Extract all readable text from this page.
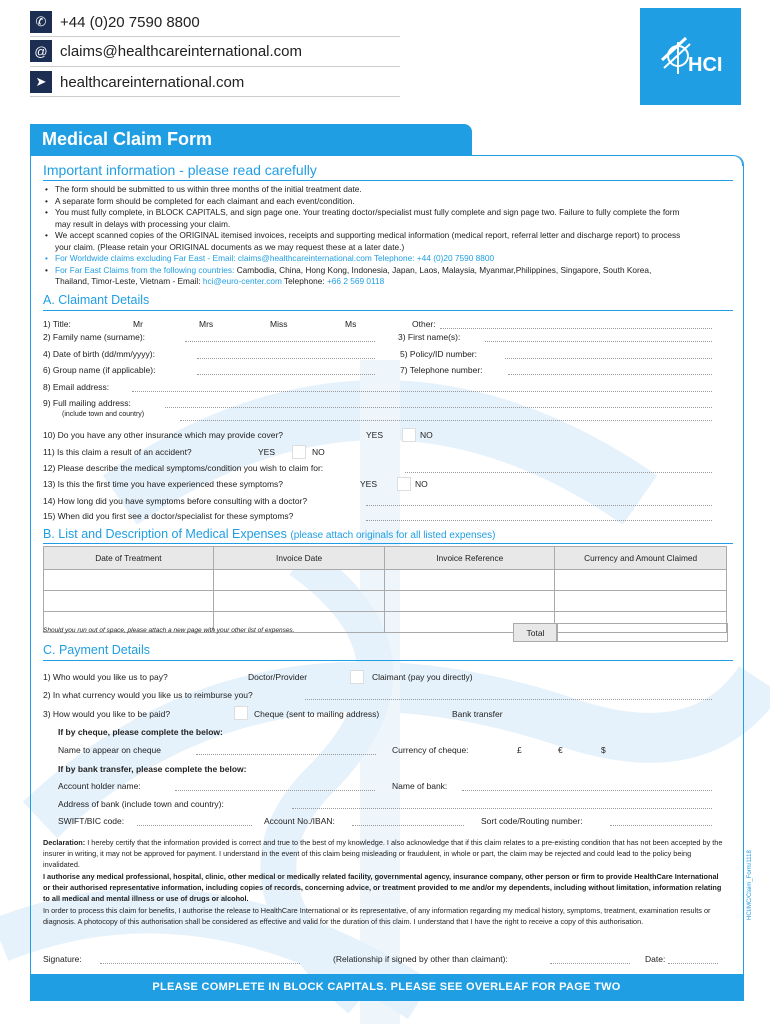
✆ +44 (0)20 7590 8800
@ claims@healthcareinternational.com
➤ healthcareinternational.com
HCI
Medical Claim Form
Important information - please read carefully
• The form should be submitted to us within three months of the initial treatment date.
• A separate form should be completed for each claimant and each event/condition.
• You must fully complete, in BLOCK CAPITALS, and sign page one. Your treating doctor/specialist must fully complete and sign page two. Failure to fully complete the form may result in delays with processing your claim.
• We accept scanned copies of the ORIGINAL itemised invoices, receipts and supporting medical information (medical report, referral letter and discharge report) to process your claim. (Please retain your ORIGINAL documents as we may request these at a later date.)
• For Worldwide claims excluding Far East - Email: claims@healthcareinternational.com Telephone: +44 (0)20 7590 8800
• For Far East Claims from the following countries: Cambodia, China, Hong Kong, Indonesia, Japan, Laos, Malaysia, Myanmar,Philippines, Singapore, South Korea, Thailand, Timor-Leste, Vietnam - Email: hci@euro-center.com Telephone: +66 2 569 0118
A. Claimant Details
1) Title:	Mr	Mrs	Miss	Ms	Other:
2) Family name (surname):	3) First name(s):
4) Date of birth (dd/mm/yyyy):	5) Policy/ID number:
6) Group name (if applicable):	7) Telephone number:
8) Email address:
9) Full mailing address:
(include town and country)
10) Do you have any other insurance which may provide cover?	YES	NO
11) Is this claim a result of an accident?	YES	NO
12) Please describe the medical symptoms/condition you wish to claim for:
13) Is this the first time you have experienced these symptoms?	YES	NO
14) How long did you have symptoms before consulting with a doctor?
15) When did you first see a doctor/specialist for these symptoms?
B. List and Description of Medical Expenses (please attach originals for all listed expenses)
Date of Treatment	Invoice Date	Invoice Reference	Currency and Amount Claimed

Should you run out of space, please attach a new page with your other list of expenses.	Total
C. Payment Details
1) Who would you like us to pay?	Doctor/Provider	Claimant (pay you directly)
2) In what currency would you like us to reimburse you?
3) How would you like to be paid?	Cheque (sent to mailing address)	Bank transfer
If by cheque, please complete the below:
Name to appear on cheque	Currency of cheque:	£	€	$
If by bank transfer, please complete the below:
Account holder name:	Name of bank:
Address of bank (include town and country):
SWIFT/BIC code:	Account No./IBAN:	Sort code/Routing number:
Declaration: I hereby certify that the information provided is correct and true to the best of my knowledge. I also acknowledge that if this claim relates to a pre-existing condition that has not been accepted by the insurer in writing, it may not be approved for payment. I understand in the event of this claim being misleading or fraudulent, in whole or part, the claim may be rejected and could lead to the policy being invalidated.
I authorise any medical professional, hospital, clinic, other medical or medically related facility, governmental agency, insurance company, other person or firm to provide HealthCare International or their authorised representative information, including copies of records, concerning advice, or treatment provided to me and/or my dependents, including without limitation, information relating to all medical and mental illness or use of drugs or alcohol.
In order to process this claim for benefits, I authorise the release to HealthCare International or its representative, of any information regarding my medical history, symptoms, treatment, examination results or diagnosis. A photocopy of this authorisation shall be considered as effective and valid for the duration of this claim. I understand that I have the right to receive a copy of this authorisation.
Signature:	(Relationship if signed by other than claimant):	Date:
PLEASE COMPLETE IN BLOCK CAPITALS. PLEASE SEE OVERLEAF FOR PAGE TWO
HCI/MC/Claim_Form/1118
